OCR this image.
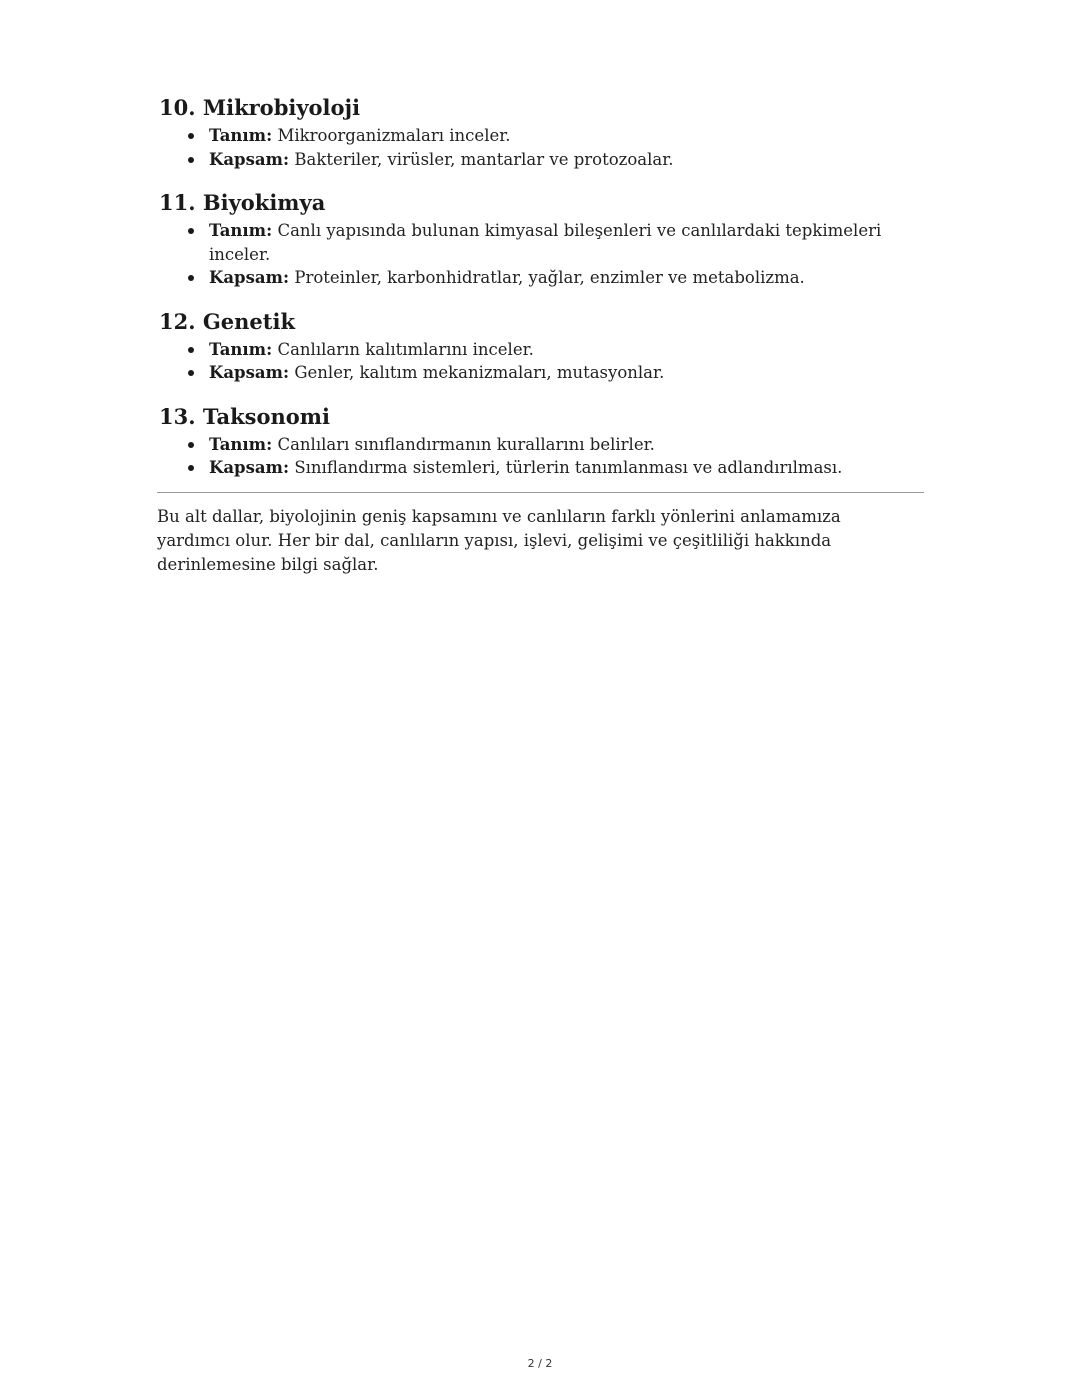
10. Mikrobiyoloji
Tanım: Mikroorganizmaları inceler.
Kapsam: Bakteriler, virüsler, mantarlar ve protozoalar.
11. Biyokimya
Tanım: Canlı yapısında bulunan kimyasal bileşenleri ve canlılardaki tepkimeleri inceler.
Kapsam: Proteinler, karbonhidratlar, yağlar, enzimler ve metabolizma.
12. Genetik
Tanım: Canlıların kalıtımlarını inceler.
Kapsam: Genler, kalıtım mekanizmaları, mutasyonlar.
13. Taksonomi
Tanım: Canlıları sınıflandırmanın kurallarını belirler.
Kapsam: Sınıflandırma sistemleri, türlerin tanımlanması ve adlandırılması.

Bu alt dallar, biyolojinin geniş kapsamını ve canlıların farklı yönlerini anlamamıza yardımcı olur. Her bir dal, canlıların yapısı, işlevi, gelişimi ve çeşitliliği hakkında derinlemesine bilgi sağlar.

2 / 2
